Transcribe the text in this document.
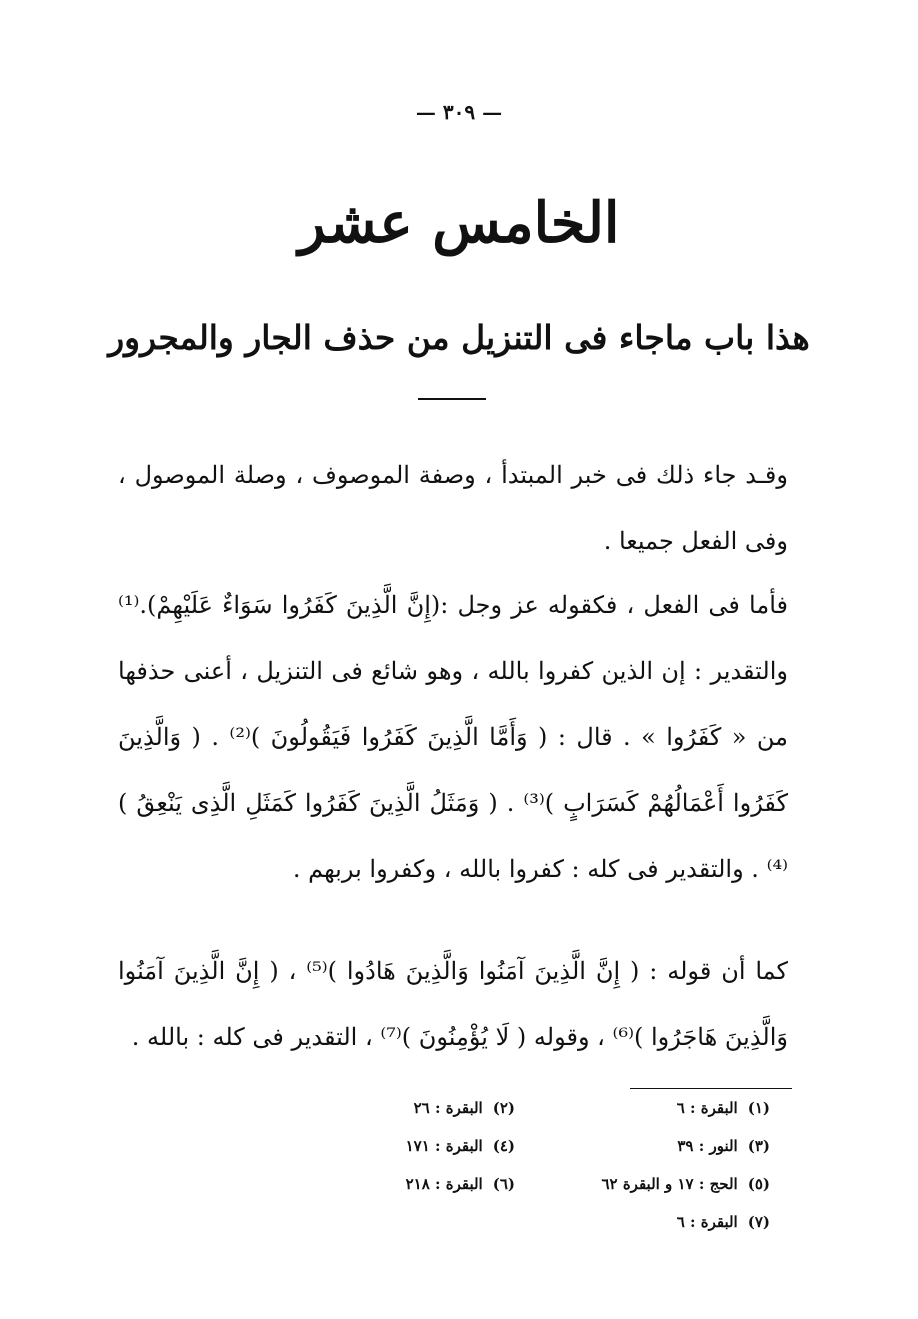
— ٣٠٩ —
الخامس عشر
هذا باب ماجاء فى التنزيل من حذف الجار والمجرور

وقـد جاء ذلك فى خبر المبتدأ ، وصفة الموصوف ، وصلة الموصول ، وفى الفعل جميعا .

فأما فى الفعل ، فكقوله عز وجل :(إِنَّ الَّذِينَ كَفَرُوا سَوَاءٌ عَلَيْهِمْ).⁽¹⁾ والتقدير : إن الذين كفروا بالله ، وهو شائع فى التنزيل ، أعنى حذفها من « كَفَرُوا » . قال : ( وَأَمَّا الَّذِينَ كَفَرُوا فَيَقُولُونَ )⁽²⁾ . ( وَالَّذِينَ كَفَرُوا أَعْمَالُهُمْ كَسَرَابٍ )⁽³⁾ . ( وَمَثَلُ الَّذِينَ كَفَرُوا كَمَثَلِ الَّذِى يَنْعِقُ )⁽⁴⁾ . والتقدير فى كله : كفروا بالله ، وكفروا بربهم .

كما أن قوله : ( إِنَّ الَّذِينَ آمَنُوا وَالَّذِينَ هَادُوا )⁽⁵⁾ ، ( إِنَّ الَّذِينَ آمَنُوا وَالَّذِينَ هَاجَرُوا )⁽⁶⁾ ، وقوله ( لَا يُؤْمِنُونَ )⁽⁷⁾ ، التقدير فى كله : بالله .

(١)البقرة : ٦
(٢)البقرة : ٢٦
(٣)النور : ٣٩
(٤)البقرة : ١٧١
(٥)الحج : ١٧ و البقرة ٦٢
(٦)البقرة : ٢١٨
(٧)البقرة : ٦
